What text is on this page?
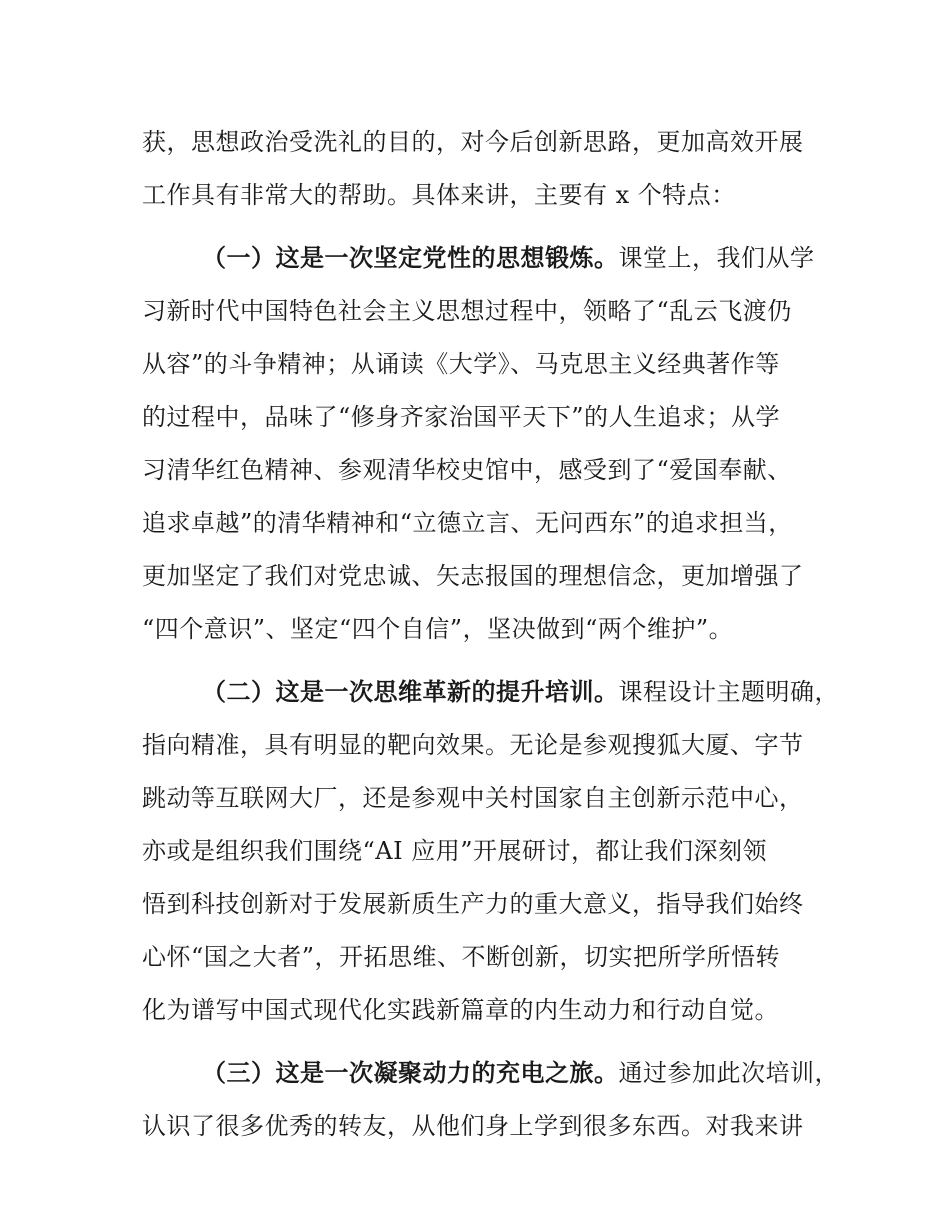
获，思想政治受洗礼的目的，对今后创新思路，更加高效开展
工作具有非常大的帮助。具体来讲，主要有 x 个特点：
（一）这是一次坚定党性的思想锻炼。课堂上，我们从学
习新时代中国特色社会主义思想过程中，领略了“乱云飞渡仍
从容”的斗争精神；从诵读《大学》、马克思主义经典著作等
的过程中，品味了“修身齐家治国平天下”的人生追求；从学
习清华红色精神、参观清华校史馆中，感受到了“爱国奉献、
追求卓越”的清华精神和“立德立言、无问西东”的追求担当，
更加坚定了我们对党忠诚、矢志报国的理想信念，更加增强了
“四个意识”、坚定“四个自信”，坚决做到“两个维护”。
（二）这是一次思维革新的提升培训。课程设计主题明确，
指向精准，具有明显的靶向效果。无论是参观搜狐大厦、字节
跳动等互联网大厂，还是参观中关村国家自主创新示范中心，
亦或是组织我们围绕“AI 应用”开展研讨，都让我们深刻领
悟到科技创新对于发展新质生产力的重大意义，指导我们始终
心怀“国之大者”，开拓思维、不断创新，切实把所学所悟转
化为谱写中国式现代化实践新篇章的内生动力和行动自觉。
（三）这是一次凝聚动力的充电之旅。通过参加此次培训，
认识了很多优秀的转友，从他们身上学到很多东西。对我来讲
